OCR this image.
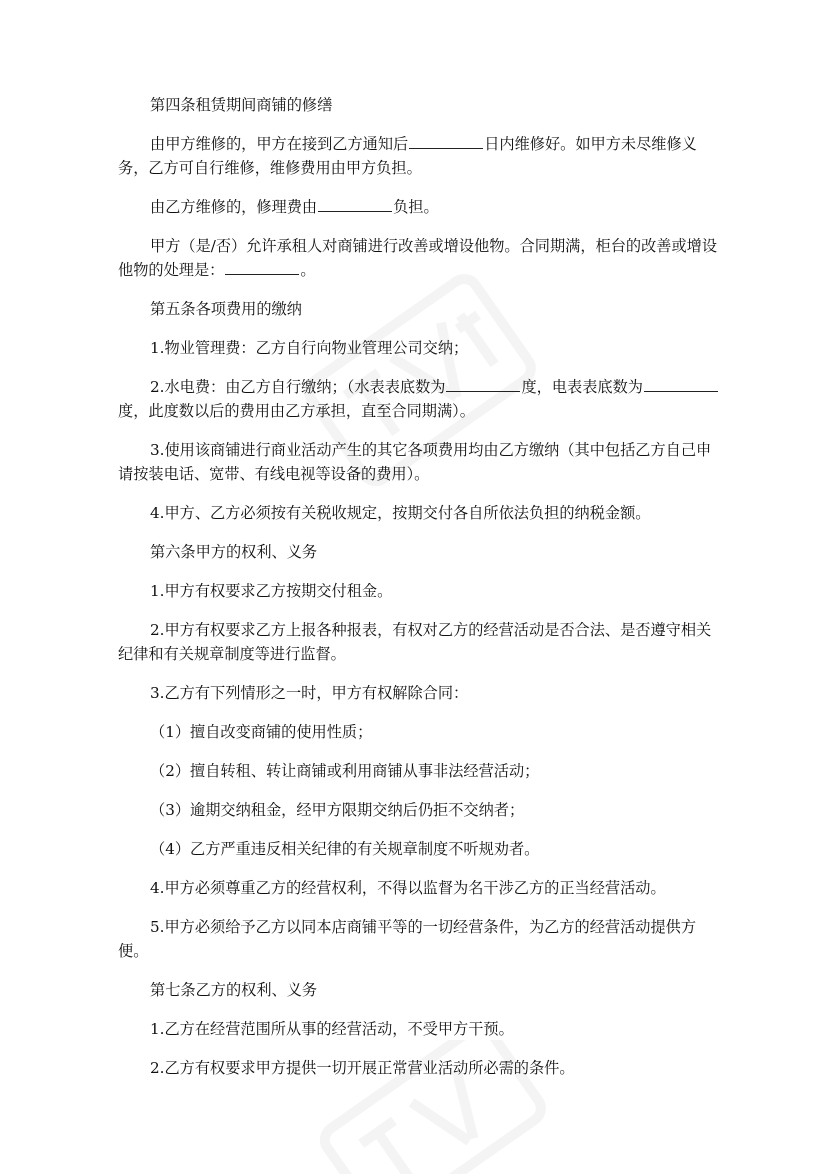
第四条租赁期间商铺的修缮

由甲方维修的，甲方在接到乙方通知后	日内维修好。如甲方未尽维修义务，乙方可自行维修，维修费用由甲方负担。

由乙方维修的，修理费由	负担。

甲方（是/否）允许承租人对商铺进行改善或增设他物。合同期满，柜台的改善或增设他物的处理是：	。

第五条各项费用的缴纳

1.物业管理费：乙方自行向物业管理公司交纳；

2.水电费：由乙方自行缴纳；（水表表底数为	度，电表表底数为度，此度数以后的费用由乙方承担，直至合同期满）。

3.使用该商铺进行商业活动产生的其它各项费用均由乙方缴纳（其中包括乙方自己申请按装电话、宽带、有线电视等设备的费用）。

4.甲方、乙方必须按有关税收规定，按期交付各自所依法负担的纳税金额。

第六条甲方的权利、义务

1.甲方有权要求乙方按期交付租金。

2.甲方有权要求乙方上报各种报表，有权对乙方的经营活动是否合法、是否遵守相关纪律和有关规章制度等进行监督。

3.乙方有下列情形之一时，甲方有权解除合同：

（1）擅自改变商铺的使用性质；

（2）擅自转租、转让商铺或利用商铺从事非法经营活动；

（3）逾期交纳租金，经甲方限期交纳后仍拒不交纳者；

（4）乙方严重违反相关纪律的有关规章制度不听规劝者。

4.甲方必须尊重乙方的经营权利，不得以监督为名干涉乙方的正当经营活动。

5.甲方必须给予乙方以同本店商铺平等的一切经营条件，为乙方的经营活动提供方便。

第七条乙方的权利、义务

1.乙方在经营范围所从事的经营活动，不受甲方干预。

2.乙方有权要求甲方提供一切开展正常营业活动所必需的条件。
